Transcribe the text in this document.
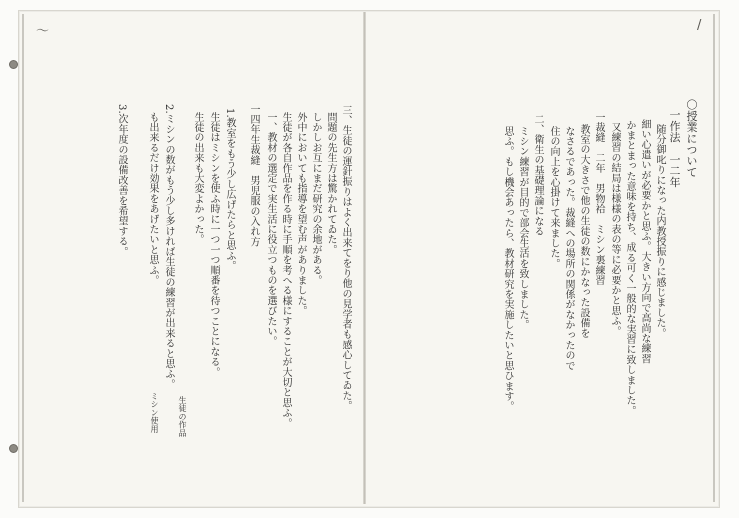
/
〜
〇授業について
一作法　一二年
随分御叱りになった内教授振りに感じました。
細い心遣いが必要かと思ふ。大きい方向で高尚な練習
かまとまった意味を持ち、成る可く一般的な実習に致しました。
又練習の結局は様様の表の等に必要かと思ふ。
一裁縫　二年　男物袷　ミシン裏練習
教室の大きさで他の生徒の数にかなった設備を
なさるであった。裁縫への場所の関係がなかったので
住の向上を心掛けて来ました。
二、衛生の基礎理論になる
ミシン練習が目的で部会生活を致しました。
思ふ。もし機会あったら、教材研究を実施したいと思ひます。
三、生徒の運針振りはよく出来てをり他の見学者も感心してゐた。
問題の先生方は驚かれてゐた。
しかしお互にまだ研究の余地がある。
外中においても指導を望む声がありました。
生徒が各自作品を作る時に手順を考へる様にすることが大切と思ふ。
一、教材の選定で実生活に役立つものを選びたい。
一四年生裁縫　男児服の入れ方
1.教室をもう少し広げたらと思ふ。
生徒はミシンを使ふ時に一つ一つ順番を待つことになる。
生徒の出来も大変よかった。
2.ミシンの数がもう少し多ければ生徒の練習が出来ると思ふ。
も出来るだけ効果をあげたいと思ふ。
3.次年度の設備改善を希望する。
生徒の作品
ミシン使用
